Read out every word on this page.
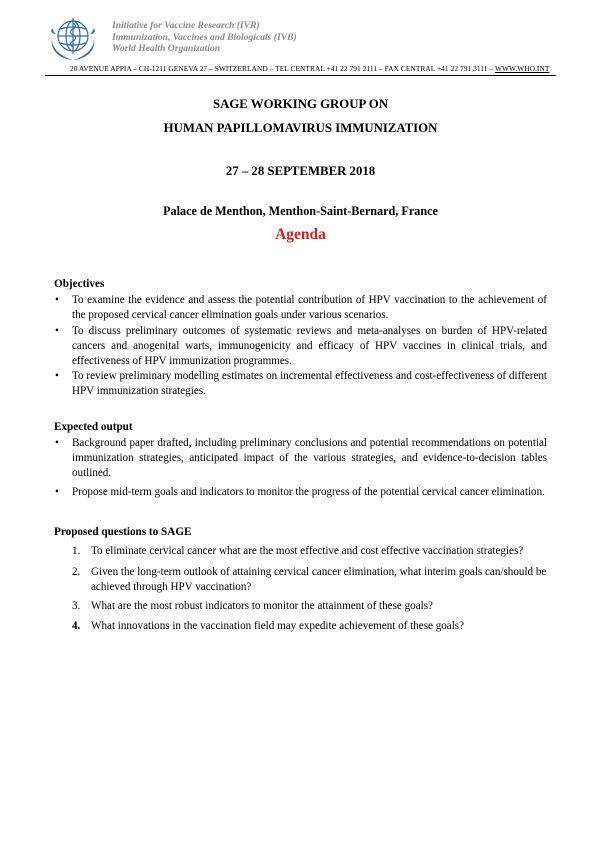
Initiative for Vaccine Research (IVR)
Immunization, Vaccines and Biologicals (IVB)
World Health Organization
20 AVENUE APPIA – CH-1211 GENEVA 27 – SWITZERLAND – TEL CENTRAL +41 22 791 2111 – FAX CENTRAL +41 22 791 3111 – WWW.WHO.INT
SAGE WORKING GROUP ON
HUMAN PAPILLOMAVIRUS IMMUNIZATION
27 – 28 SEPTEMBER 2018
Palace de Menthon, Menthon-Saint-Bernard, France
Agenda
Objectives
• To examine the evidence and assess the potential contribution of HPV vaccination to the achievement of the proposed cervical cancer elimination goals under various scenarios.
• To discuss preliminary outcomes of systematic reviews and meta-analyses on burden of HPV-related cancers and anogenital warts, immunogenicity and efficacy of HPV vaccines in clinical trials, and effectiveness of HPV immunization programmes.
• To review preliminary modelling estimates on incremental effectiveness and cost-effectiveness of different HPV immunization strategies.
Expected output
• Background paper drafted, including preliminary conclusions and potential recommendations on potential immunization strategies, anticipated impact of the various strategies, and evidence-to-decision tables outlined.
• Propose mid-term goals and indicators to monitor the progress of the potential cervical cancer elimination.
Proposed questions to SAGE
1. To eliminate cervical cancer what are the most effective and cost effective vaccination strategies?
2. Given the long-term outlook of attaining cervical cancer elimination, what interim goals can/should be achieved through HPV vaccination?
3. What are the most robust indicators to monitor the attainment of these goals?
4. What innovations in the vaccination field may expedite achievement of these goals?
